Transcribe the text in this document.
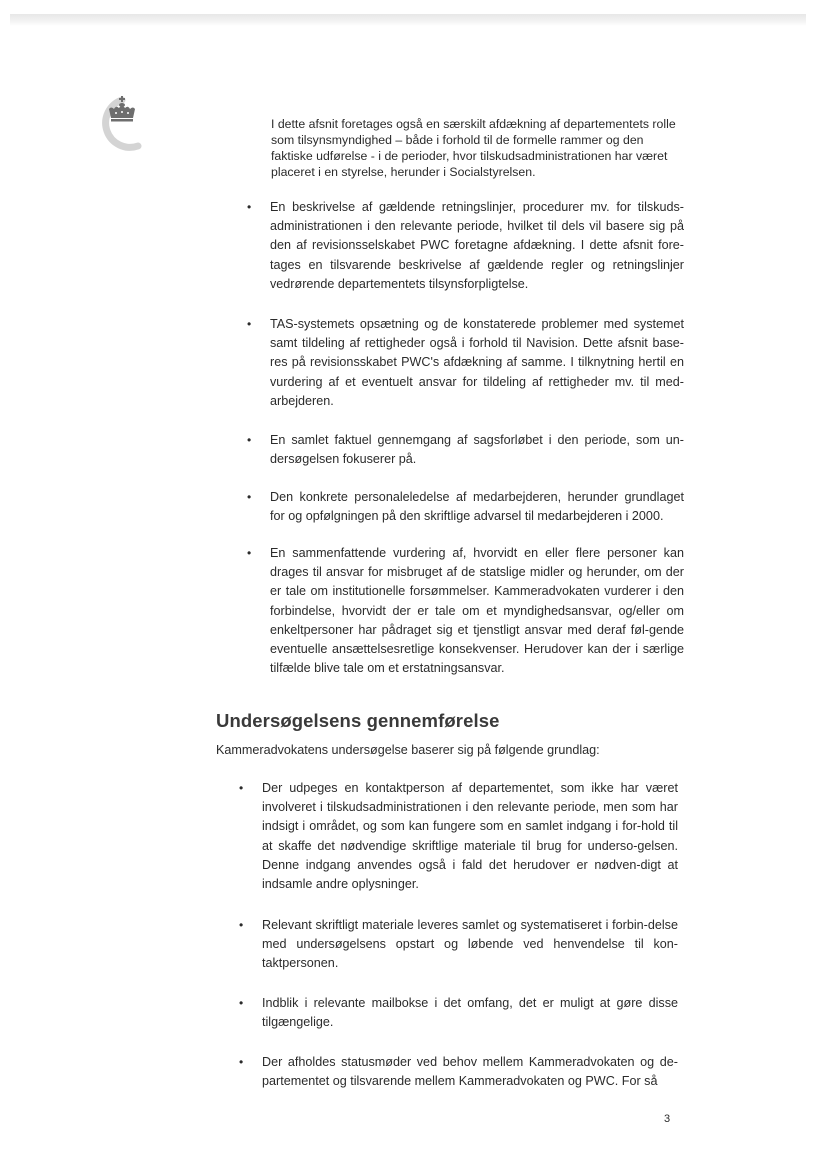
I dette afsnit foretages også en særskilt afdækning af departementets rolle som tilsynsmyndighed – både i forhold til de formelle rammer og den faktiske udførelse - i de perioder, hvor tilskudsadministrationen har været placeret i en styrelse, herunder i Socialstyrelsen.

• En beskrivelse af gældende retningslinjer, procedurer mv. for tilskuds-administrationen i den relevante periode, hvilket til dels vil basere sig på den af revisionsselskabet PWC foretagne afdækning. I dette afsnit fore-tages en tilsvarende beskrivelse af gældende regler og retningslinjer vedrørende departementets tilsynsforpligtelse.
• TAS-systemets opsætning og de konstaterede problemer med systemet samt tildeling af rettigheder også i forhold til Navision. Dette afsnit base-res på revisionsskabet PWC's afdækning af samme. I tilknytning hertil en vurdering af et eventuelt ansvar for tildeling af rettigheder mv. til med-arbejderen.
• En samlet faktuel gennemgang af sagsforløbet i den periode, som un-dersøgelsen fokuserer på.
• Den konkrete personaleledelse af medarbejderen, herunder grundlaget for og opfølgningen på den skriftlige advarsel til medarbejderen i 2000.
• En sammenfattende vurdering af, hvorvidt en eller flere personer kan drages til ansvar for misbruget af de statslige midler og herunder, om der er tale om institutionelle forsømmelser. Kammeradvokaten vurderer i den forbindelse, hvorvidt der er tale om et myndighedsansvar, og/eller om enkeltpersoner har pådraget sig et tjenstligt ansvar med deraf føl-gende eventuelle ansættelsesretlige konsekvenser. Herudover kan der i særlige tilfælde blive tale om et erstatningsansvar.
Undersøgelsens gennemførelse

Kammeradvokatens undersøgelse baserer sig på følgende grundlag:

• Der udpeges en kontaktperson af departementet, som ikke har været involveret i tilskudsadministrationen i den relevante periode, men som har indsigt i området, og som kan fungere som en samlet indgang i for-hold til at skaffe det nødvendige skriftlige materiale til brug for underso-gelsen. Denne indgang anvendes også i fald det herudover er nødven-digt at indsamle andre oplysninger.
• Relevant skriftligt materiale leveres samlet og systematiseret i forbin-delse med undersøgelsens opstart og løbende ved henvendelse til kon-taktpersonen.
• Indblik i relevante mailbokse i det omfang, det er muligt at gøre disse tilgængelige.
• Der afholdes statusmøder ved behov mellem Kammeradvokaten og de-partementet og tilsvarende mellem Kammeradvokaten og PWC. For så

3
